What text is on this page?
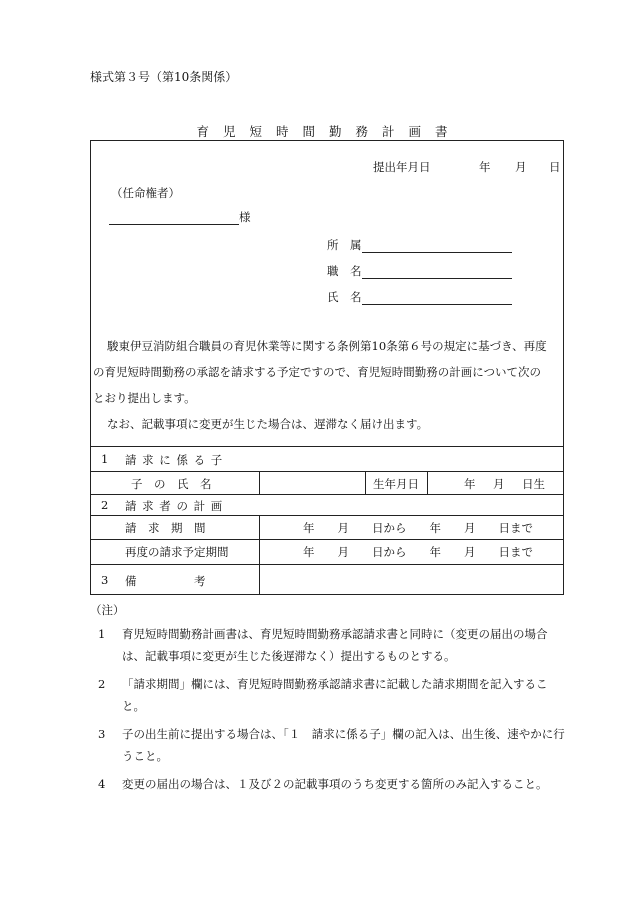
様式第３号（第10条関係）
育児短時間勤務計画書
提出年月日	年 月 日
（任命権者）
様
所　属
職　名
氏　名
駿東伊豆消防組合職員の育児休業等に関する条例第10条第６号の規定に基づき、再度
の育児短時間勤務の承認を請求する予定ですので、育児短時間勤務の計画について次の
とおり提出します。
なお、記載事項に変更が生じた場合は、遅滞なく届け出ます。
1 請 求 に 係 る 子
子　の　氏　名	生年月日	年 月 日生
2 請 求 者 の 計 画
請　求　期　間	年　　月　　日から　　年　　月　　日まで
再度の請求予定期間	年　　月　　日から　　年　　月　　日まで
3 備　　　　　考
（注）
1 育児短時間勤務計画書は、育児短時間勤務承認請求書と同時に（変更の届出の場合は、記載事項に変更が生じた後遅滞なく）提出するものとする。
2 「請求期間」欄には、育児短時間勤務承認請求書に記載した請求期間を記入すること。
3 子の出生前に提出する場合は、「１　請求に係る子」欄の記入は、出生後、速やかに行うこと。
4 変更の届出の場合は、１及び２の記載事項のうち変更する箇所のみ記入すること。
